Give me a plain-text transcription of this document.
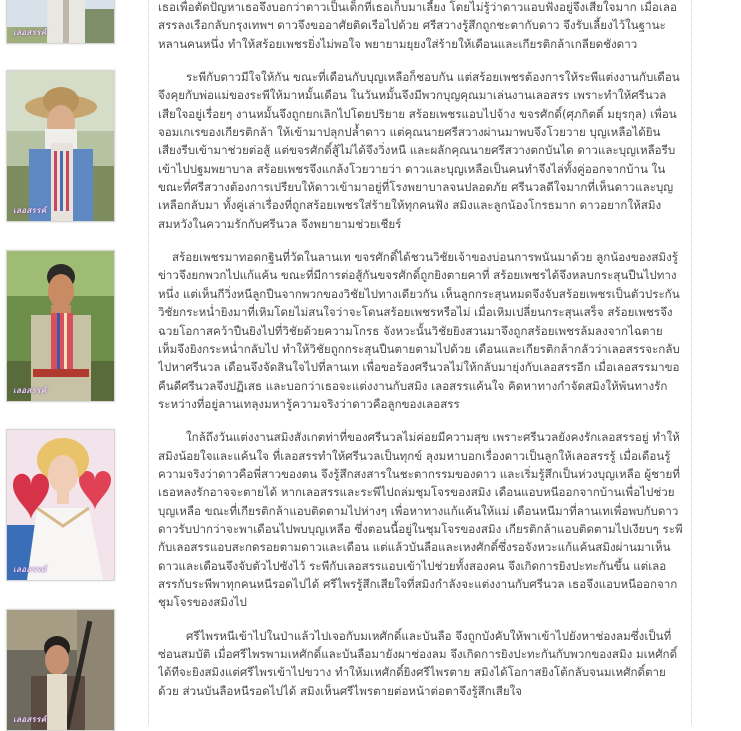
เลอสรรค์
เลอสรรค์
เลอสรรค์
เลอสรรค์
เลอสรรค์

เธอเพื่อตัดปัญหาเธอจึงบอกว่าดาวเป็นเด็กที่เธอเก็บมาเลี้ยง โดยไม่รู้ว่าดาวแอบฟังอยู่จึงเสียใจมาก เมื่อเลอสรรลงเรือกลับกรุงเทพฯ ดาวจึงขออาศัยติดเรือไปด้วย ศรีสวางรู้สึกถูกชะตากับดาว จึงรับเลี้ยงไว้ในฐานะหลานคนหนึ่ง ทำให้สร้อยเพชรยิ่งไม่พอใจ พยายามยุยงใส่ร้ายให้เดือนและเกียรติกล้าเกลียดชังดาว

ระพีกับดาวมีใจให้กัน ขณะที่เดือนกับบุญเหลือก็ชอบกัน แต่สร้อยเพชรต้องการให้ระพีแต่งงานกับเดือน จึงคุยกับพ่อแม่ของระพีให้มาหมั้นเดือน ในวันหมั้นจึงมีพวกบุญคุณมาเล่นงานเลอสรร เพราะทำให้ศรีนวลเสียใจอยู่เรื่อยๆ งานหมั้นจึงถูกยกเลิกไปโดยปริยาย สร้อยเพชรแอบไปจ้าง ขจรศักดิ์(ศุภกิตติ์ มยุรกุล) เพื่อนจอมเกเรของเกียรติกล้า ให้เข้ามาปลุกปล้ำดาว แต่คุณนายศรีสวางผ่านมาพบจึงโวยวาย บุญเหลือได้ยินเสียงรีบเข้ามาช่วยต่อสู้ แต่ขจรศักดิ์สู้ไม่ได้จึงวิ่งหนี และผลักคุณนายศรีสวางตกบันได ดาวและบุญเหลือรีบเข้าไปปฐมพยาบาล สร้อยเพชรจึงแกล้งโวยวายว่า ดาวและบุญเหลือเป็นคนทำจึงไล่ทั้งคู่ออกจากบ้าน ในขณะที่ศรีสวางต้องการเปรียบให้ดาวเข้ามาอยู่ที่โรงพยาบาลจนปลอดภัย ศรีนวลดีใจมากที่เห็นดาวและบุญเหลือกลับมา ทั้งคู่เล่าเรื่องที่ถูกสร้อยเพชรใส่ร้ายให้ทุกคนฟัง สมิงและลูกน้องโกรธมาก ดาวอยากให้สมิงสมหวังในความรักกับศรีนวล จึงพยายามช่วยเชียร์

สร้อยเพชรมาทอดกฐินที่วัดในลานเท ขจรศักดิ์ได้ชวนวิชัยเจ้าของบ่อนการพนันมาด้วย ลูกน้องของสมิงรู้ข่าวจึงยกพวกไปแก้แค้น ขณะที่มีการต่อสู้กันขจรศักดิ์ถูกยิงตายคาที่ สร้อยเพชรได้จึงหลบกระสุนปืนไปทางหนึ่ง แต่เห็นกีวิ่งหนีลูกปืนจากพวกของวิชัยไปทางเดียวกัน เห็นลูกกระสุนหมดจึงจับสร้อยเพชรเป็นตัวประกัน วิชัยกระหน่ำยิงมาที่เหิมโดยไม่สนใจว่าจะโดนสร้อยเพชรหรือไม่ เมื่อเหิมเปลี่ยนกระสุนเสร็จ สร้อยเพชรจึงฉวยโอกาสคว้าปืนยิงไปที่วิชัยด้วยความโกรธ จังหวะนั้นวิชัยยิงสวนมาจึงถูกสร้อยเพชรล้มลงจากไฉตาย เห็มจึงยิงกระหน่ำกลับไป ทำให้วิชัยถูกกระสุนปืนตายตามไปด้วย เดือนและเกียรติกล้ากลัวว่าเลอสรรจะกลับไปหาศรีนวล เดือนจึงจัดสินใจไปที่ลานเท เพื่อขอร้องศรีนวลไม่ให้กลับมายุ่งกับเลอสรรอีก เมื่อเลอสรรมาขอคืนดีศรีนวลจึงปฏิเสธ และบอกว่าเธอจะแต่งงานกับสมิง เลอสรรแค้นใจ คิดหาทางกำจัดสมิงให้พ้นทางรัก ระหว่างที่อยู่ลานเทลุงมหารู้ความจริงว่าดาวคือลูกของเลอสรร

ใกล้ถึงวันแต่งงานสมิงสังเกตท่าที่ของศรีนวลไม่ค่อยมีความสุข เพราะศรีนวลยังคงรักเลอสรรอยู่ ทำให้สมิงน้อยใจและแค้นใจ ที่เลอสรรทำให้ศรีนวลเป็นทุกข์ ลุงมหาบอกเรื่องดาวเป็นลูกให้เลอสรรรู้ เมื่อเดือนรู้ความจริงว่าดาวคือพี่สาวของตน จึงรู้สึกสงสารในชะตากรรมของดาว และเริ่มรู้สึกเป็นห่วงบุญเหลือ ผู้ชายที่เธอหลงรักอาจจะตายได้ หากเลอสรรและระพีไปถล่มชุมโจรของสมิง เดือนแอบหนีออกจากบ้านเพื่อไปช่วยบุญเหลือ ขณะที่เกียรติกล้าแอบติดตามไปห่างๆ เพื่อหาทางแก้แค้นให้แม่ เดือนหนีมาที่ลานเทเพื่อพบกับดาว ดาวรับปากว่าจะพาเดือนไปพบบุญเหลือ ซึ่งตอนนี้อยู่ในชุมโจรของสมิง เกียรติกล้าแอบติดตามไปเงียบๆ ระพีกับเลอสรรแอบสะกดรอยตามดาวและเดือน แต่แล้วบันลือและเหงศักดิ์ซึ่งรอจังหวะแก้แค้นสมิงผ่านมาเห็นดาวและเดือนจึงจับตัวไปซังไว้ ระพีกับเลอสรรแอบเข้าไปช่วยทั้งสองคน จึงเกิดการยิงปะทะกันขึ้น แต่เลอสรรกับระพีพาทุกคนหนีรอดไปได้ ศรีไพรรู้สึกเสียใจที่สมิงกำลังจะแต่งงานกับศรีนวล เธอจึงแอบหนีออกจากชุมโจรของสมิงไป

ศรีไพรหนีเข้าไปในป่าแล้วไปเจอกับมเหศักดิ์และบันลือ จึงถูกบังคับให้พาเข้าไปยังหาช่องลมซึ่งเป็นที่ซ่อนสมบัติ เมื่อศรีไพรพามเหศักดิ์และบันลือมายังผาช่องลม จึงเกิดการยิงปะทะกันกับพวกของสมิง มเหศักดิ์ได้ทีจะยิงสมิงแต่ศรีไพรเข้าไปขวาง ทำให้มเหศักดิ์ยิงศรีไพรตาย สมิงได้โอกาสยิงโต้กลับจนมเหศักดิ์ตายด้วย ส่วนบันลือหนีรอดไปได้ สมิงเห็นศรีไพรตายต่อหน้าต่อตาจึงรู้สึกเสียใจ
